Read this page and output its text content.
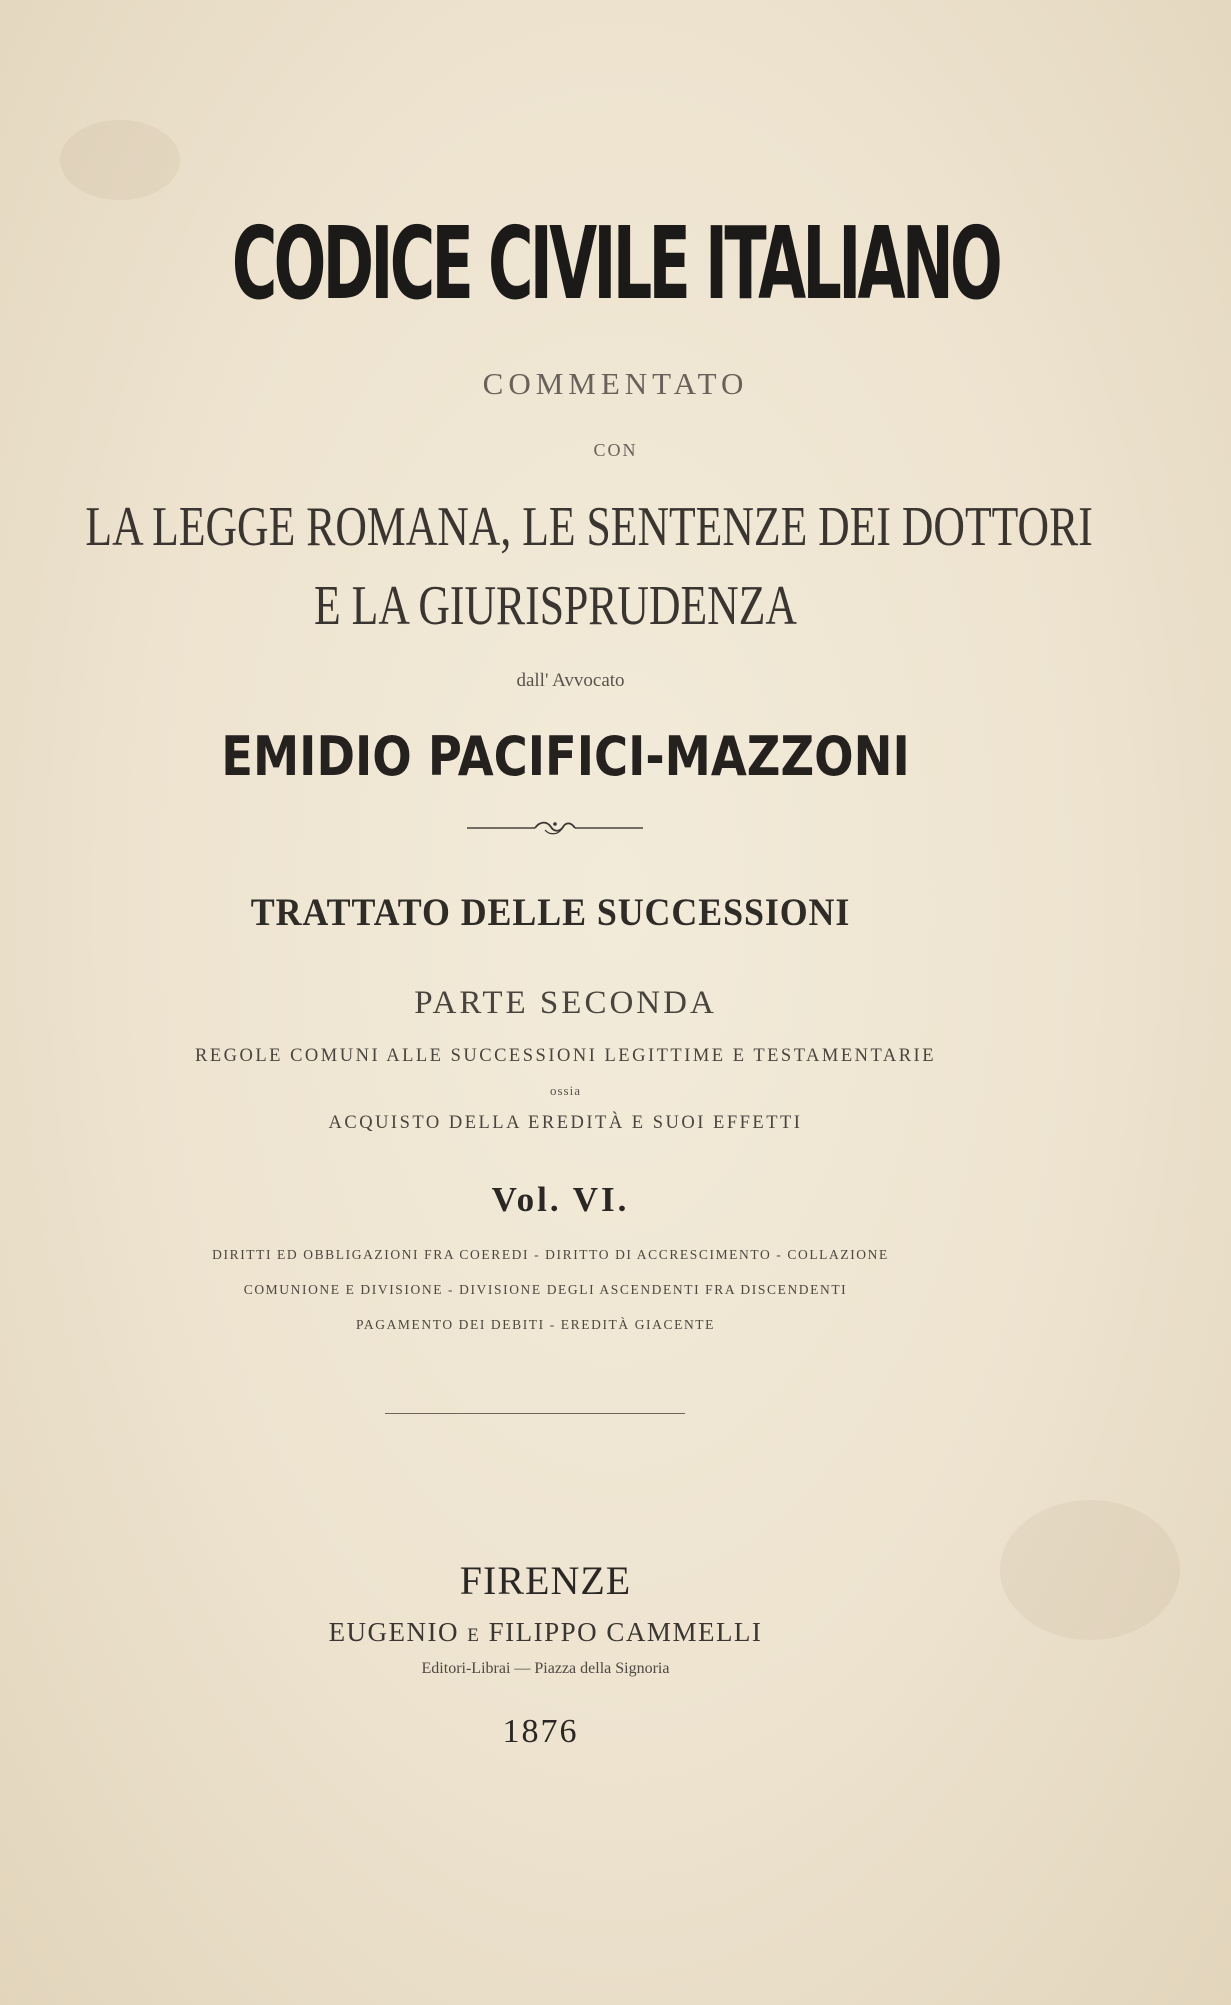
CODICE CIVILE ITALIANO
COMMENTATO
CON
LA LEGGE ROMANA, LE SENTENZE DEI DOTTORI
E LA GIURISPRUDENZA
dall' Avvocato
EMIDIO PACIFICI-MAZZONI
TRATTATO DELLE SUCCESSIONI
PARTE SECONDA
REGOLE COMUNI ALLE SUCCESSIONI LEGITTIME E TESTAMENTARIE
ossia
ACQUISTO DELLA EREDITÀ E SUOI EFFETTI
Vol. VI.
DIRITTI ED OBBLIGAZIONI FRA COEREDI - DIRITTO DI ACCRESCIMENTO - COLLAZIONE
COMUNIONE E DIVISIONE - DIVISIONE DEGLI ASCENDENTI FRA DISCENDENTI
PAGAMENTO DEI DEBITI - EREDITÀ GIACENTE
FIRENZE
EUGENIO E FILIPPO CAMMELLI
Editori-Librai — Piazza della Signoria
1876
